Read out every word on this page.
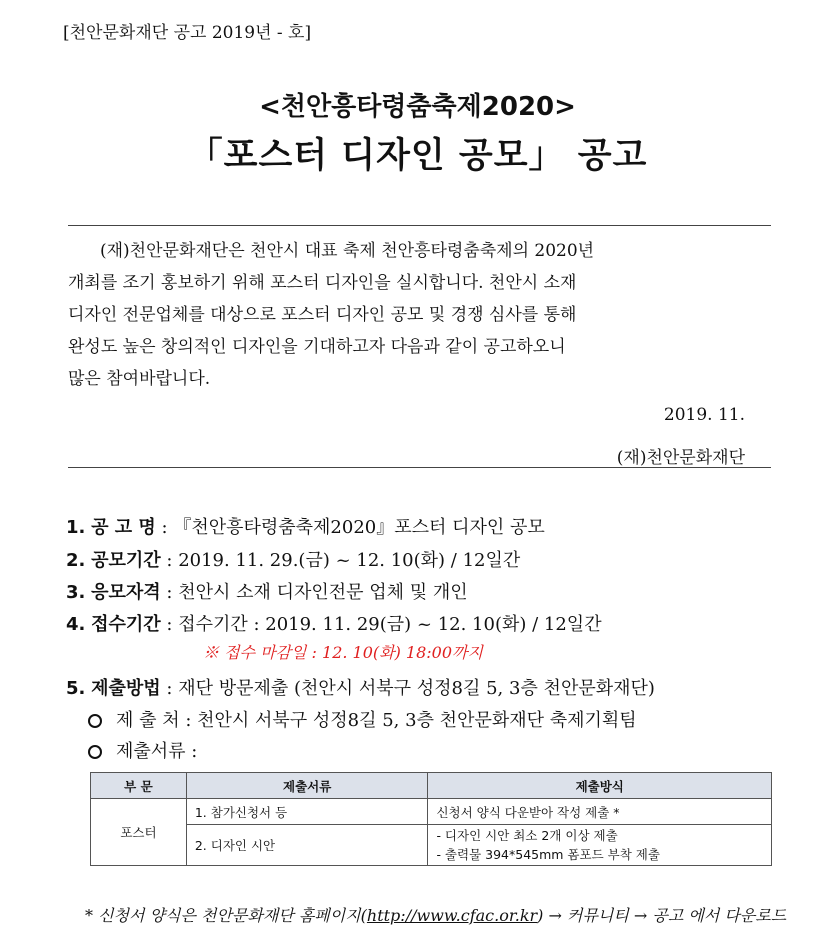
[천안문화재단 공고 2019년 - 호]
<천안흥타령춤축제2020>
「포스터 디자인 공모」 공고
(재)천안문화재단은 천안시 대표 축제 천안흥타령춤축제의 2020년
개최를 조기 홍보하기 위해 포스터 디자인을 실시합니다. 천안시 소재
디자인 전문업체를 대상으로 포스터 디자인 공모 및 경쟁 심사를 통해
완성도 높은 창의적인 디자인을 기대하고자 다음과 같이 공고하오니
많은 참여바랍니다.
2019. 11.
(재)천안문화재단
1. 공 고 명 : 『천안흥타령춤축제2020』포스터 디자인 공모
2. 공모기간 : 2019. 11. 29.(금) ~ 12. 10(화) / 12일간
3. 응모자격 : 천안시 소재 디자인전문 업체 및 개인
4. 접수기간 : 접수기간 : 2019. 11. 29(금) ~ 12. 10(화) / 12일간
※ 접수 마감일 : 12. 10(화) 18:00까지
5. 제출방법 : 재단 방문제출 (천안시 서북구 성정8길 5, 3층 천안문화재단)
제 출 처 : 천안시 서북구 성정8길 5, 3층 천안문화재단 축제기획팀
제출서류 :
부 문	제출서류	제출방식
포스터	1. 참가신청서 등	신청서 양식 다운받아 작성 제출 *
	2. 디자인 시안	- 디자인 시안 최소 2개 이상 제출
- 출력물 394*545mm 폼포드 부착 제출
* 신청서 양식은 천안문화재단 홈페이지(http://www.cfac.or.kr) → 커뮤니티 → 공고 에서 다운로드
